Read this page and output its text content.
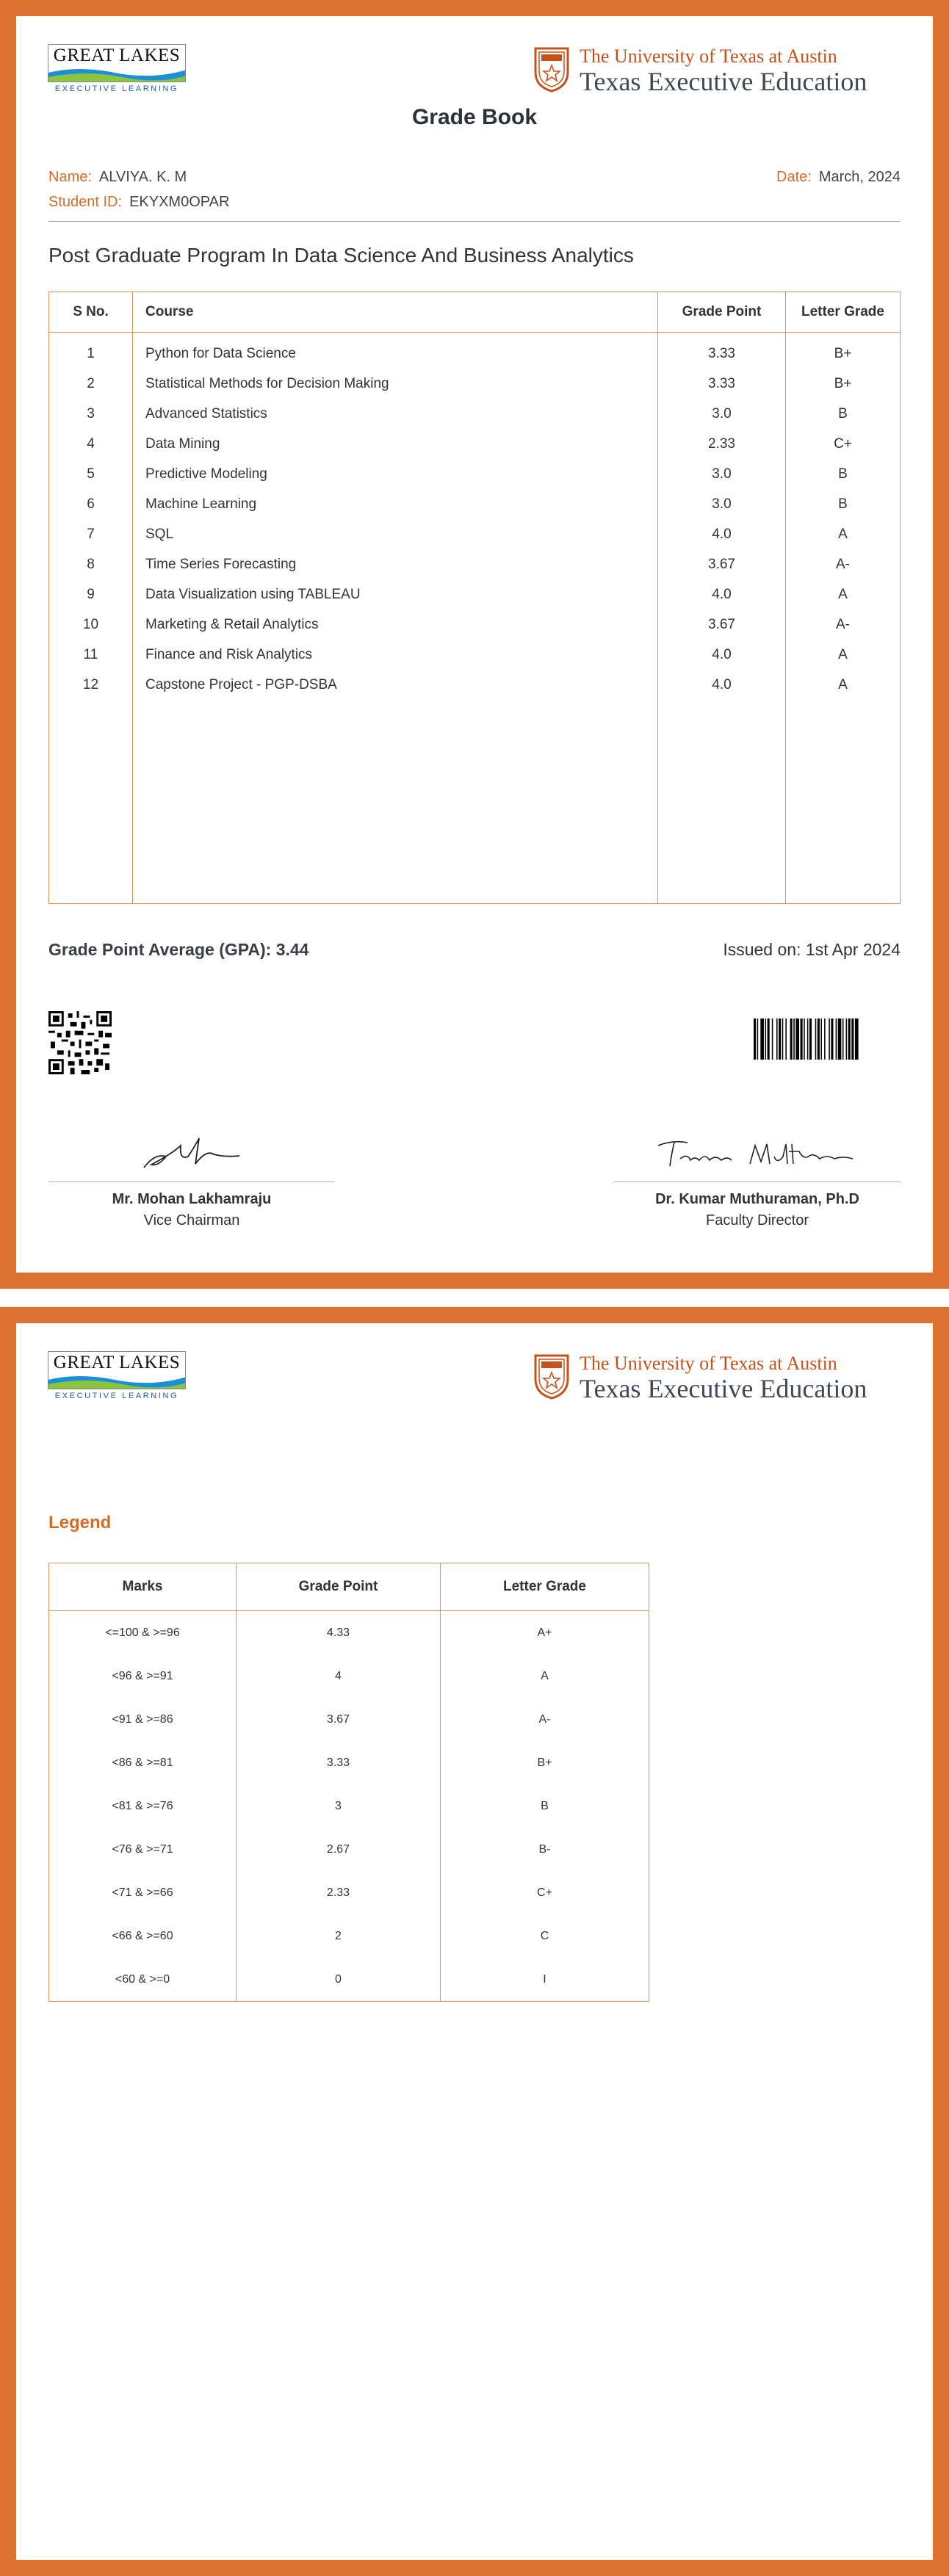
GREAT LAKES
EXECUTIVE LEARNING
The University of Texas at Austin
Texas Executive Education
Grade Book
Name: ALVIYA. K. M
Student ID: EKYXM0OPAR
Date: March, 2024
Post Graduate Program In Data Science And Business Analytics
S No.	Course	Grade Point	Letter Grade
1	Python for Data Science	3.33	B+
2	Statistical Methods for Decision Making	3.33	B+
3	Advanced Statistics	3.0	B
4	Data Mining	2.33	C+
5	Predictive Modeling	3.0	B
6	Machine Learning	3.0	B
7	SQL	4.0	A
8	Time Series Forecasting	3.67	A-
9	Data Visualization using TABLEAU	4.0	A
10	Marketing & Retail Analytics	3.67	A-
11	Finance and Risk Analytics	4.0	A
12	Capstone Project - PGP-DSBA	4.0	A

Grade Point Average (GPA): 3.44	Issued on: 1st Apr 2024
Mr. Mohan Lakhamraju
Vice Chairman
Dr. Kumar Muthuraman, Ph.D
Faculty Director
GREAT LAKES
EXECUTIVE LEARNING
The University of Texas at Austin
Texas Executive Education
Legend
Marks	Grade Point	Letter Grade
<=100 & >=96	4.33	A+
<96 & >=91	4	A
<91 & >=86	3.67	A-
<86 & >=81	3.33	B+
<81 & >=76	3	B
<76 & >=71	2.67	B-
<71 & >=66	2.33	C+
<66 & >=60	2	C
<60 & >=0	0	I
